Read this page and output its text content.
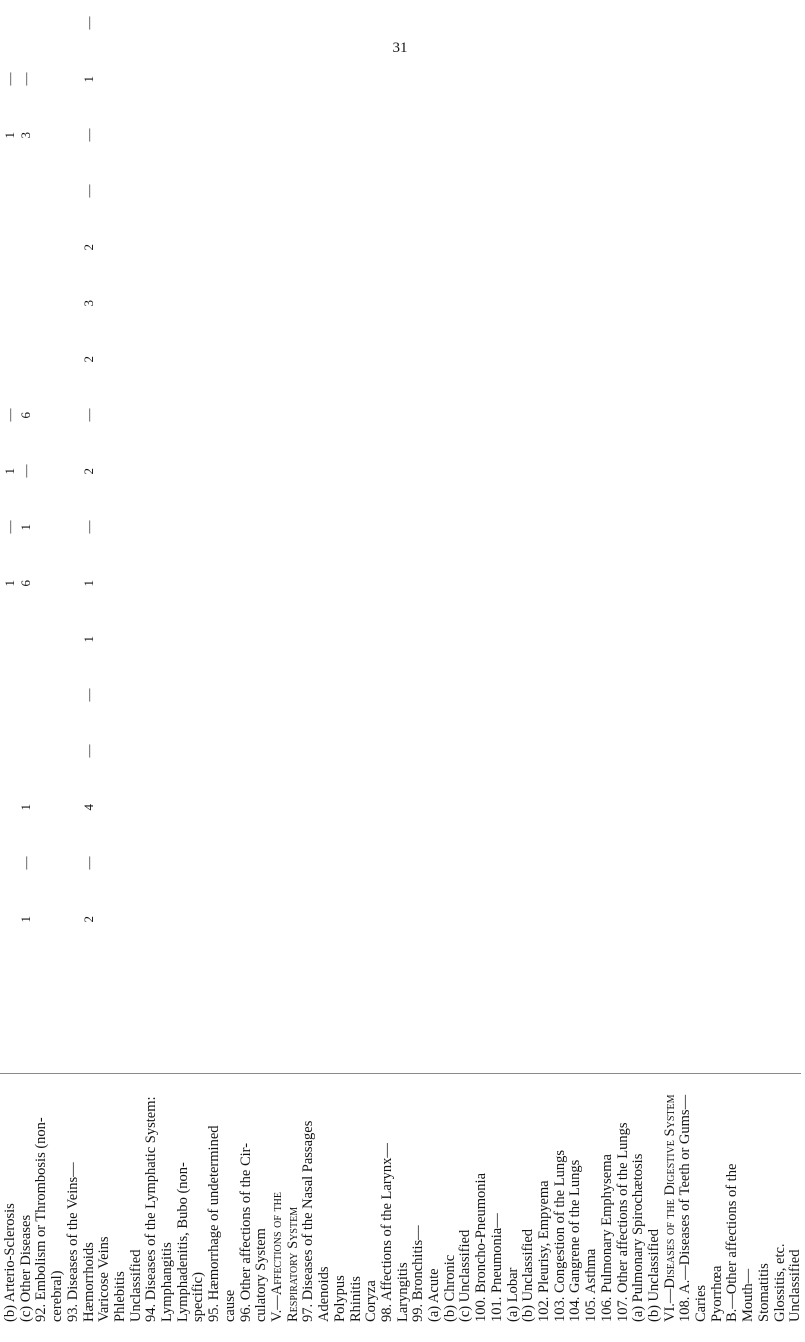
31
(b) Arterio-Sclerosis
1
—
1
—
1
—
(c) Other Diseases
1
—
1
6
1
—
6
3
—
92. Embolism or Thrombosis (non- cerebral) 93. Diseases of the Veins— Hæmorrhoids
2
—
4
—
—
1
1
—
2
—
2
3
2
—
—
1
—
Varicose Veins Phlebitis Unclassified 94. Diseases of the Lymphatic System: Lymphangitis Lymphadenitis, Bubo (non- specific) 95. Hæmorrhage of undetermined cause 96. Other affections of the Cir- culatory System V.—Affections of the Respiratory System 97. Diseases of the Nasal Passages Adenoids Polypus Rhinitis Coryza 98. Affections of the Larynx— Laryngitis 99. Bronchitis— (a) Acute (b) Chronic (c) Unclassified 100. Broncho-Pneumonia 101. Pneumonia— (a) Lobar (b) Unclassified 102. Pleurisy, Empyema 103. Congestion of the Lungs 104. Gangrene of the Lungs 105. Asthma 106. Pulmonary Emphysema 107. Other affections of the Lungs (a) Pulmonary Spirochætosis (b) Unclassified VI.—Diseases of the Digestive System 108. A.—Diseases of Teeth or Gums— Caries Pyorrhœa B.—Other affections of the Mouth— Stomatitis Glossitis, etc. Unclassified
